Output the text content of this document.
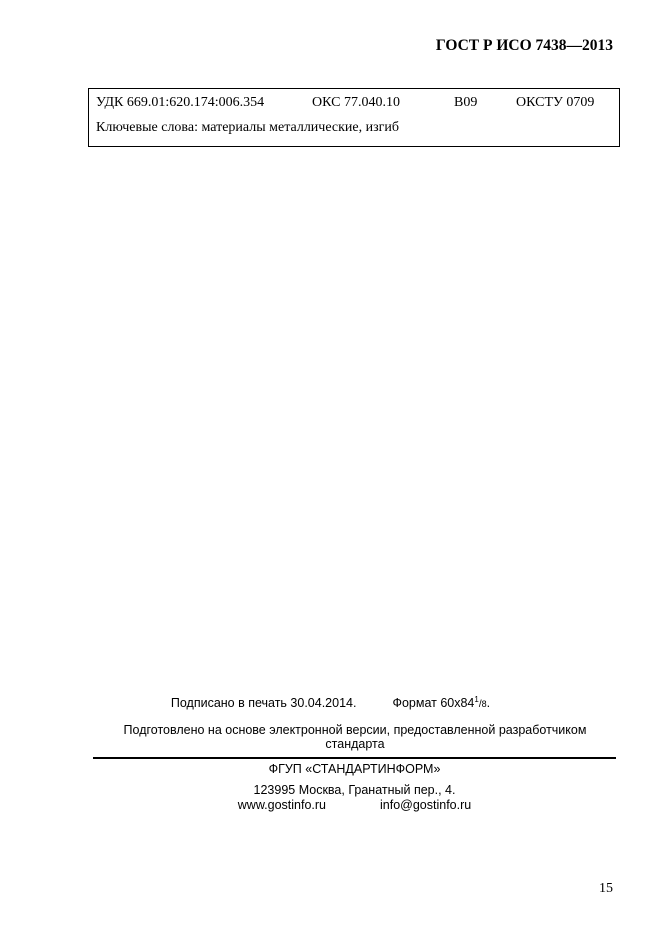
ГОСТ Р ИСО 7438—2013
УДК 669.01:620.174:006.354	ОКС 77.040.10	В09	ОКСТУ 0709
Ключевые слова: материалы металлические, изгиб
Подписано в печать 30.04.2014.	Формат $60x84^1/8$.
Подготовлено на основе электронной версии, предоставленной разработчиком стандарта
ФГУП «СТАНДАРТИНФОРМ»
123995 Москва, Гранатный пер., 4.
www.gostinfo.ru	info@gostinfo.ru
15
